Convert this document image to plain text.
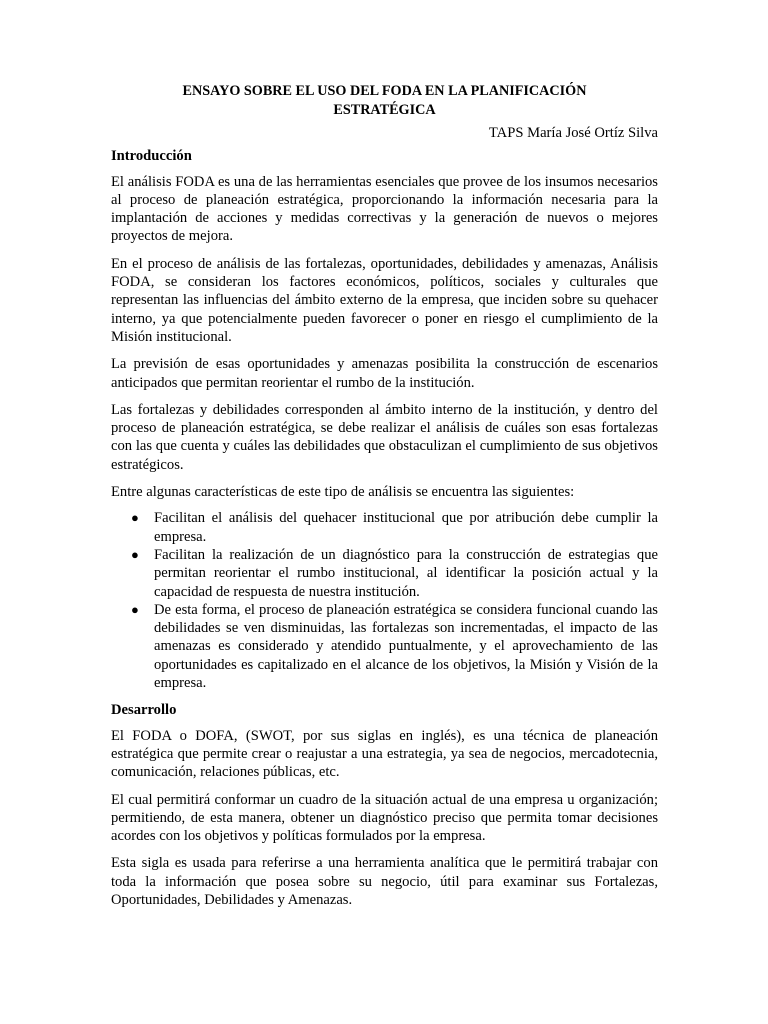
ENSAYO SOBRE EL USO DEL FODA EN LA PLANIFICACIÓN ESTRATÉGICA

TAPS María José Ortíz Silva

Introducción

El análisis FODA es una de las herramientas esenciales que provee de los insumos necesarios al proceso de planeación estratégica, proporcionando la información necesaria para la implantación de acciones y medidas correctivas y la generación de nuevos o mejores proyectos de mejora.

En el proceso de análisis de las fortalezas, oportunidades, debilidades y amenazas, Análisis FODA, se consideran los factores económicos, políticos, sociales y culturales que representan las influencias del ámbito externo de la empresa, que inciden sobre su quehacer interno, ya que potencialmente pueden favorecer o poner en riesgo el cumplimiento de la Misión institucional.

La previsión de esas oportunidades y amenazas posibilita la construcción de escenarios anticipados que permitan reorientar el rumbo de la institución.

Las fortalezas y debilidades corresponden al ámbito interno de la institución, y dentro del proceso de planeación estratégica, se debe realizar el análisis de cuáles son esas fortalezas con las que cuenta y cuáles las debilidades que obstaculizan el cumplimiento de sus objetivos estratégicos.

Entre algunas características de este tipo de análisis se encuentra las siguientes:

● Facilitan el análisis del quehacer institucional que por atribución debe cumplir la empresa.
● Facilitan la realización de un diagnóstico para la construcción de estrategias que permitan reorientar el rumbo institucional, al identificar la posición actual y la capacidad de respuesta de nuestra institución.
● De esta forma, el proceso de planeación estratégica se considera funcional cuando las debilidades se ven disminuidas, las fortalezas son incrementadas, el impacto de las amenazas es considerado y atendido puntualmente, y el aprovechamiento de las oportunidades es capitalizado en el alcance de los objetivos, la Misión y Visión de la empresa.

Desarrollo

El FODA o DOFA, (SWOT, por sus siglas en inglés), es una técnica de planeación estratégica que permite crear o reajustar a una estrategia, ya sea de negocios, mercadotecnia, comunicación, relaciones públicas, etc.

El cual permitirá conformar un cuadro de la situación actual de una empresa u organización; permitiendo, de esta manera, obtener un diagnóstico preciso que permita tomar decisiones acordes con los objetivos y políticas formulados por la empresa.

Esta sigla es usada para referirse a una herramienta analítica que le permitirá trabajar con toda la información que posea sobre su negocio, útil para examinar sus Fortalezas, Oportunidades, Debilidades y Amenazas.
